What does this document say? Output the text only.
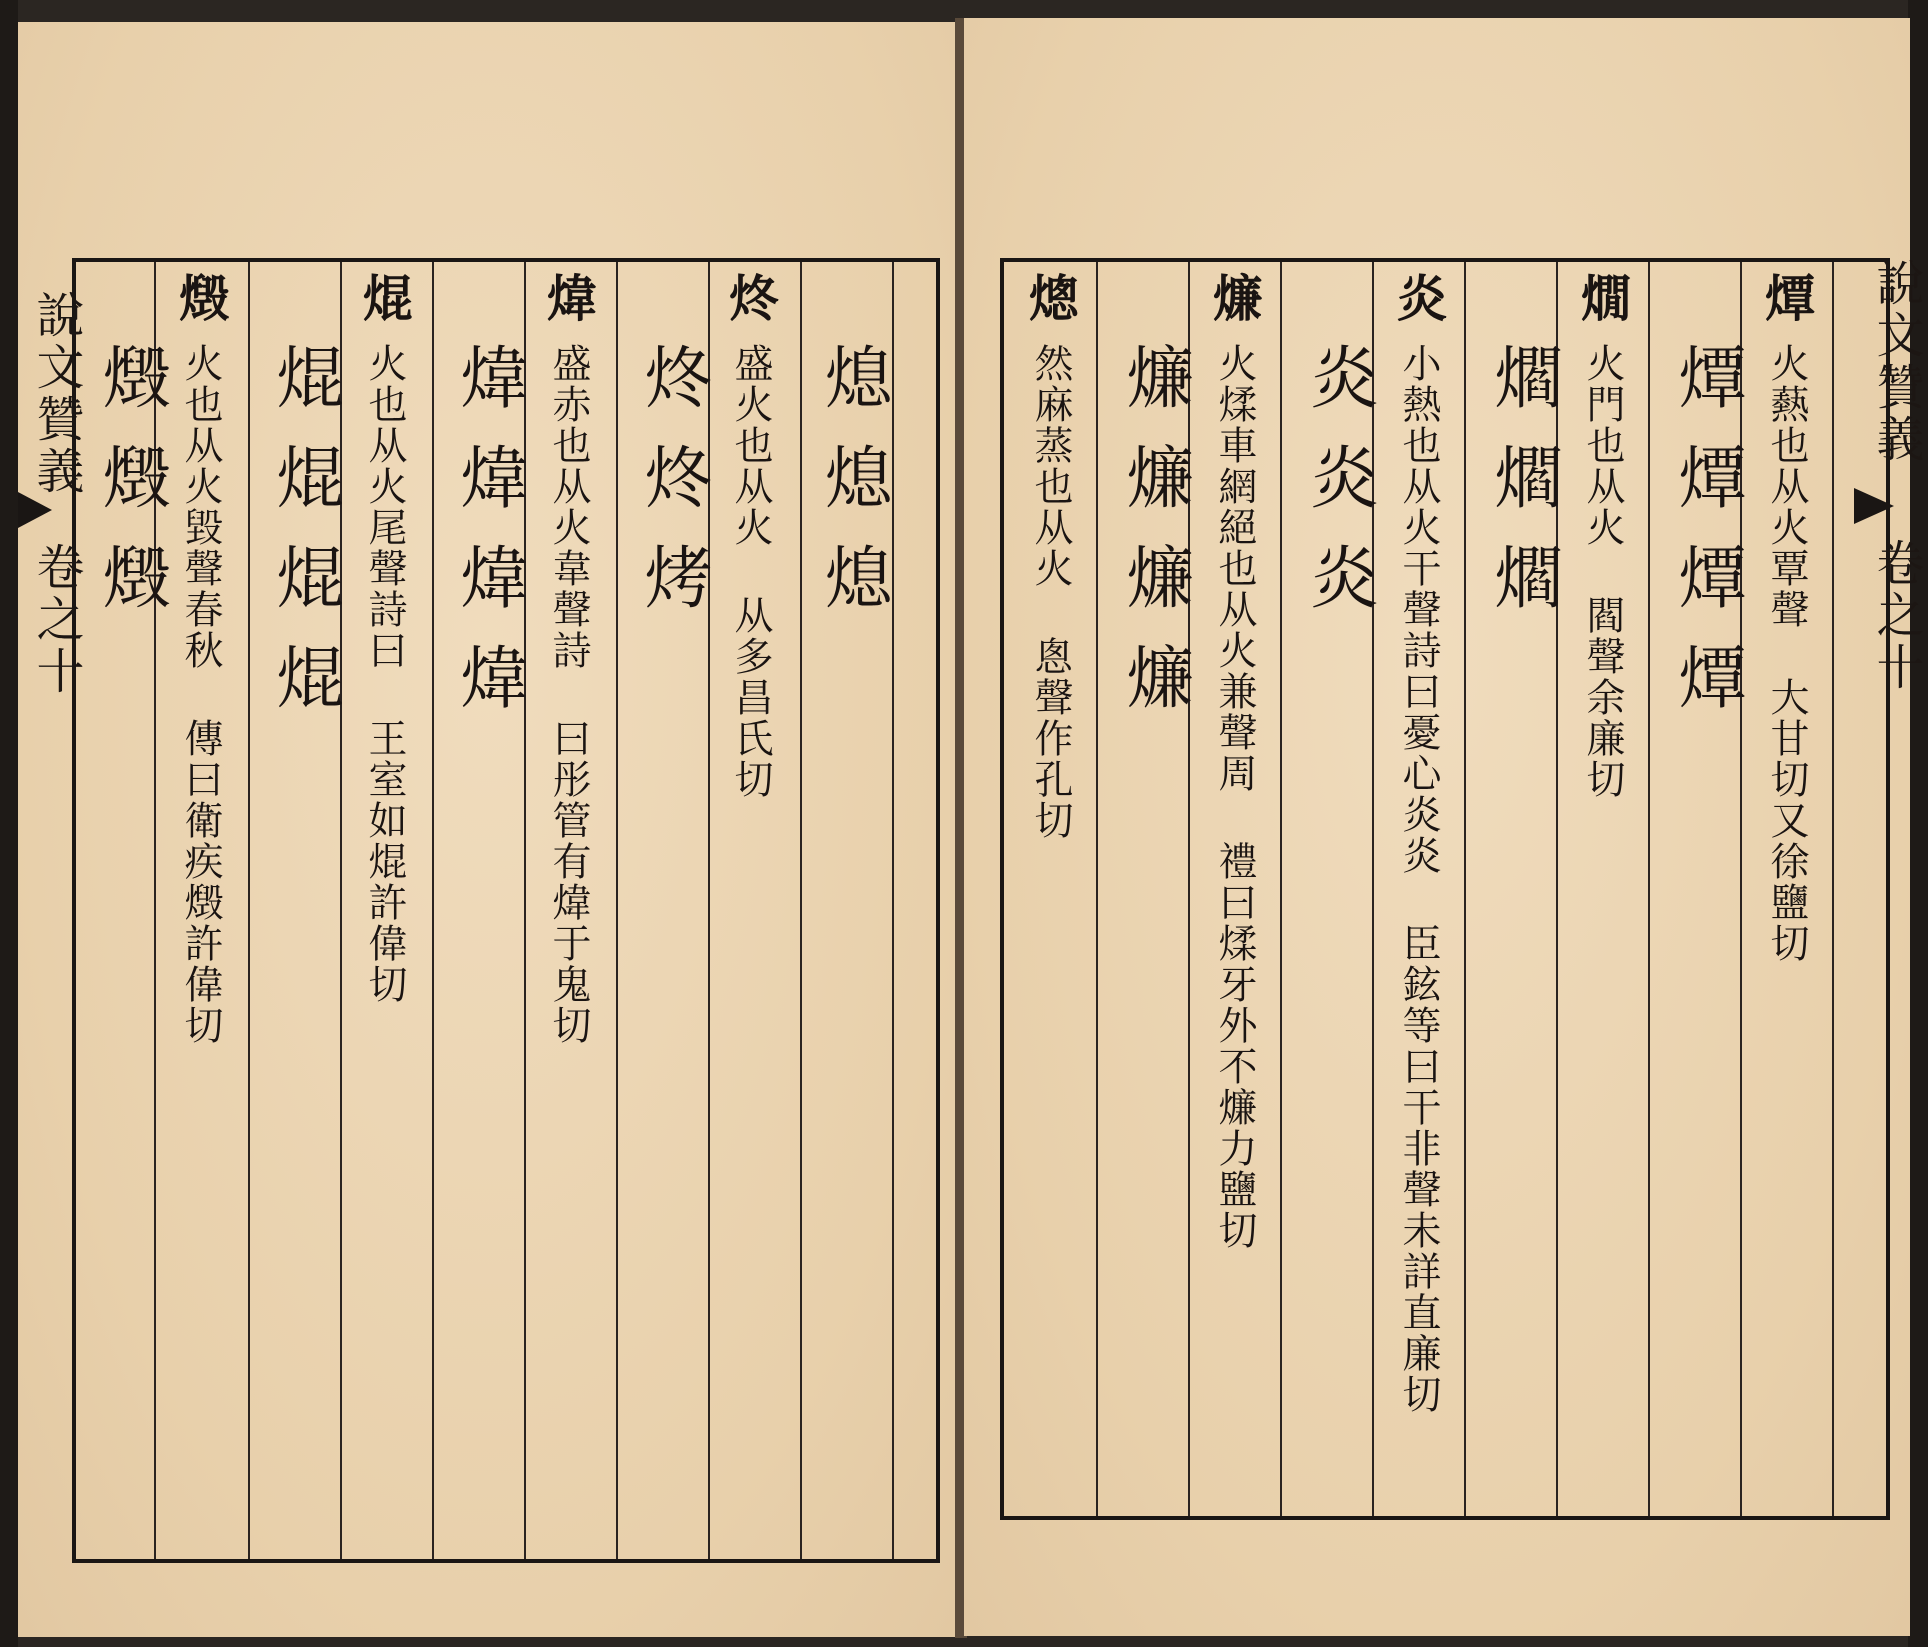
說文贊義
卷之十	熄熄熄
炵 盛火也从火 从多昌氏切
炵炵烤
煒 盛赤也从火韋聲詩 曰彤管有煒于鬼切
煒煒煒煒
焜 火也从火尾聲詩曰 王室如焜許偉切
焜焜焜焜
燬 火也从火毀聲春秋 傳曰衛疾燬許偉切
燬燬燬
燂 火爇也从火覃聲 大甘切又徐鹽切
燂燂燂燂
燗 火門也从火 閻聲余廉切
爓爓爓
炎 小熱也从火干聲詩曰憂心炎炎 臣鉉等曰干非聲未詳直廉切
炎炎炎
燫 火煣車網絕也从火兼聲周 禮曰煣牙外不燫力鹽切
燫燫燫燫
熜 然麻蒸也从火 悤聲作孔切	說文贊義
卷之十
